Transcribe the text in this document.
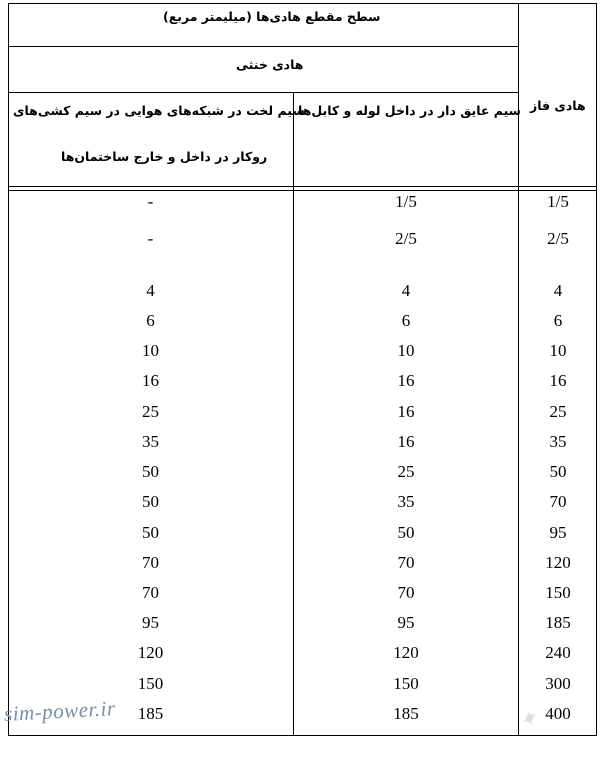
سطح مقطع هادی‌ها (میلیمتر مربع)
هادی خنثی
هادی فاز
سیم عایق دار در داخل لوله و کابل‌ها
سیم لخت در شبکه‌های هوایی در سیم کشی‌های
روکار در داخل و خارج ساختمان‌ها
-
-
4
6
10
16
25
35
50
50
50
70
70
95
120
150
185
1/5
2/5
4
6
10
16
16
16
25
35
50
70
70
95
120
150
185
1/5
2/5
4
6
10
16
25
35
50
70
95
120
150
185
240
300
400
sim-power.ir	✦
